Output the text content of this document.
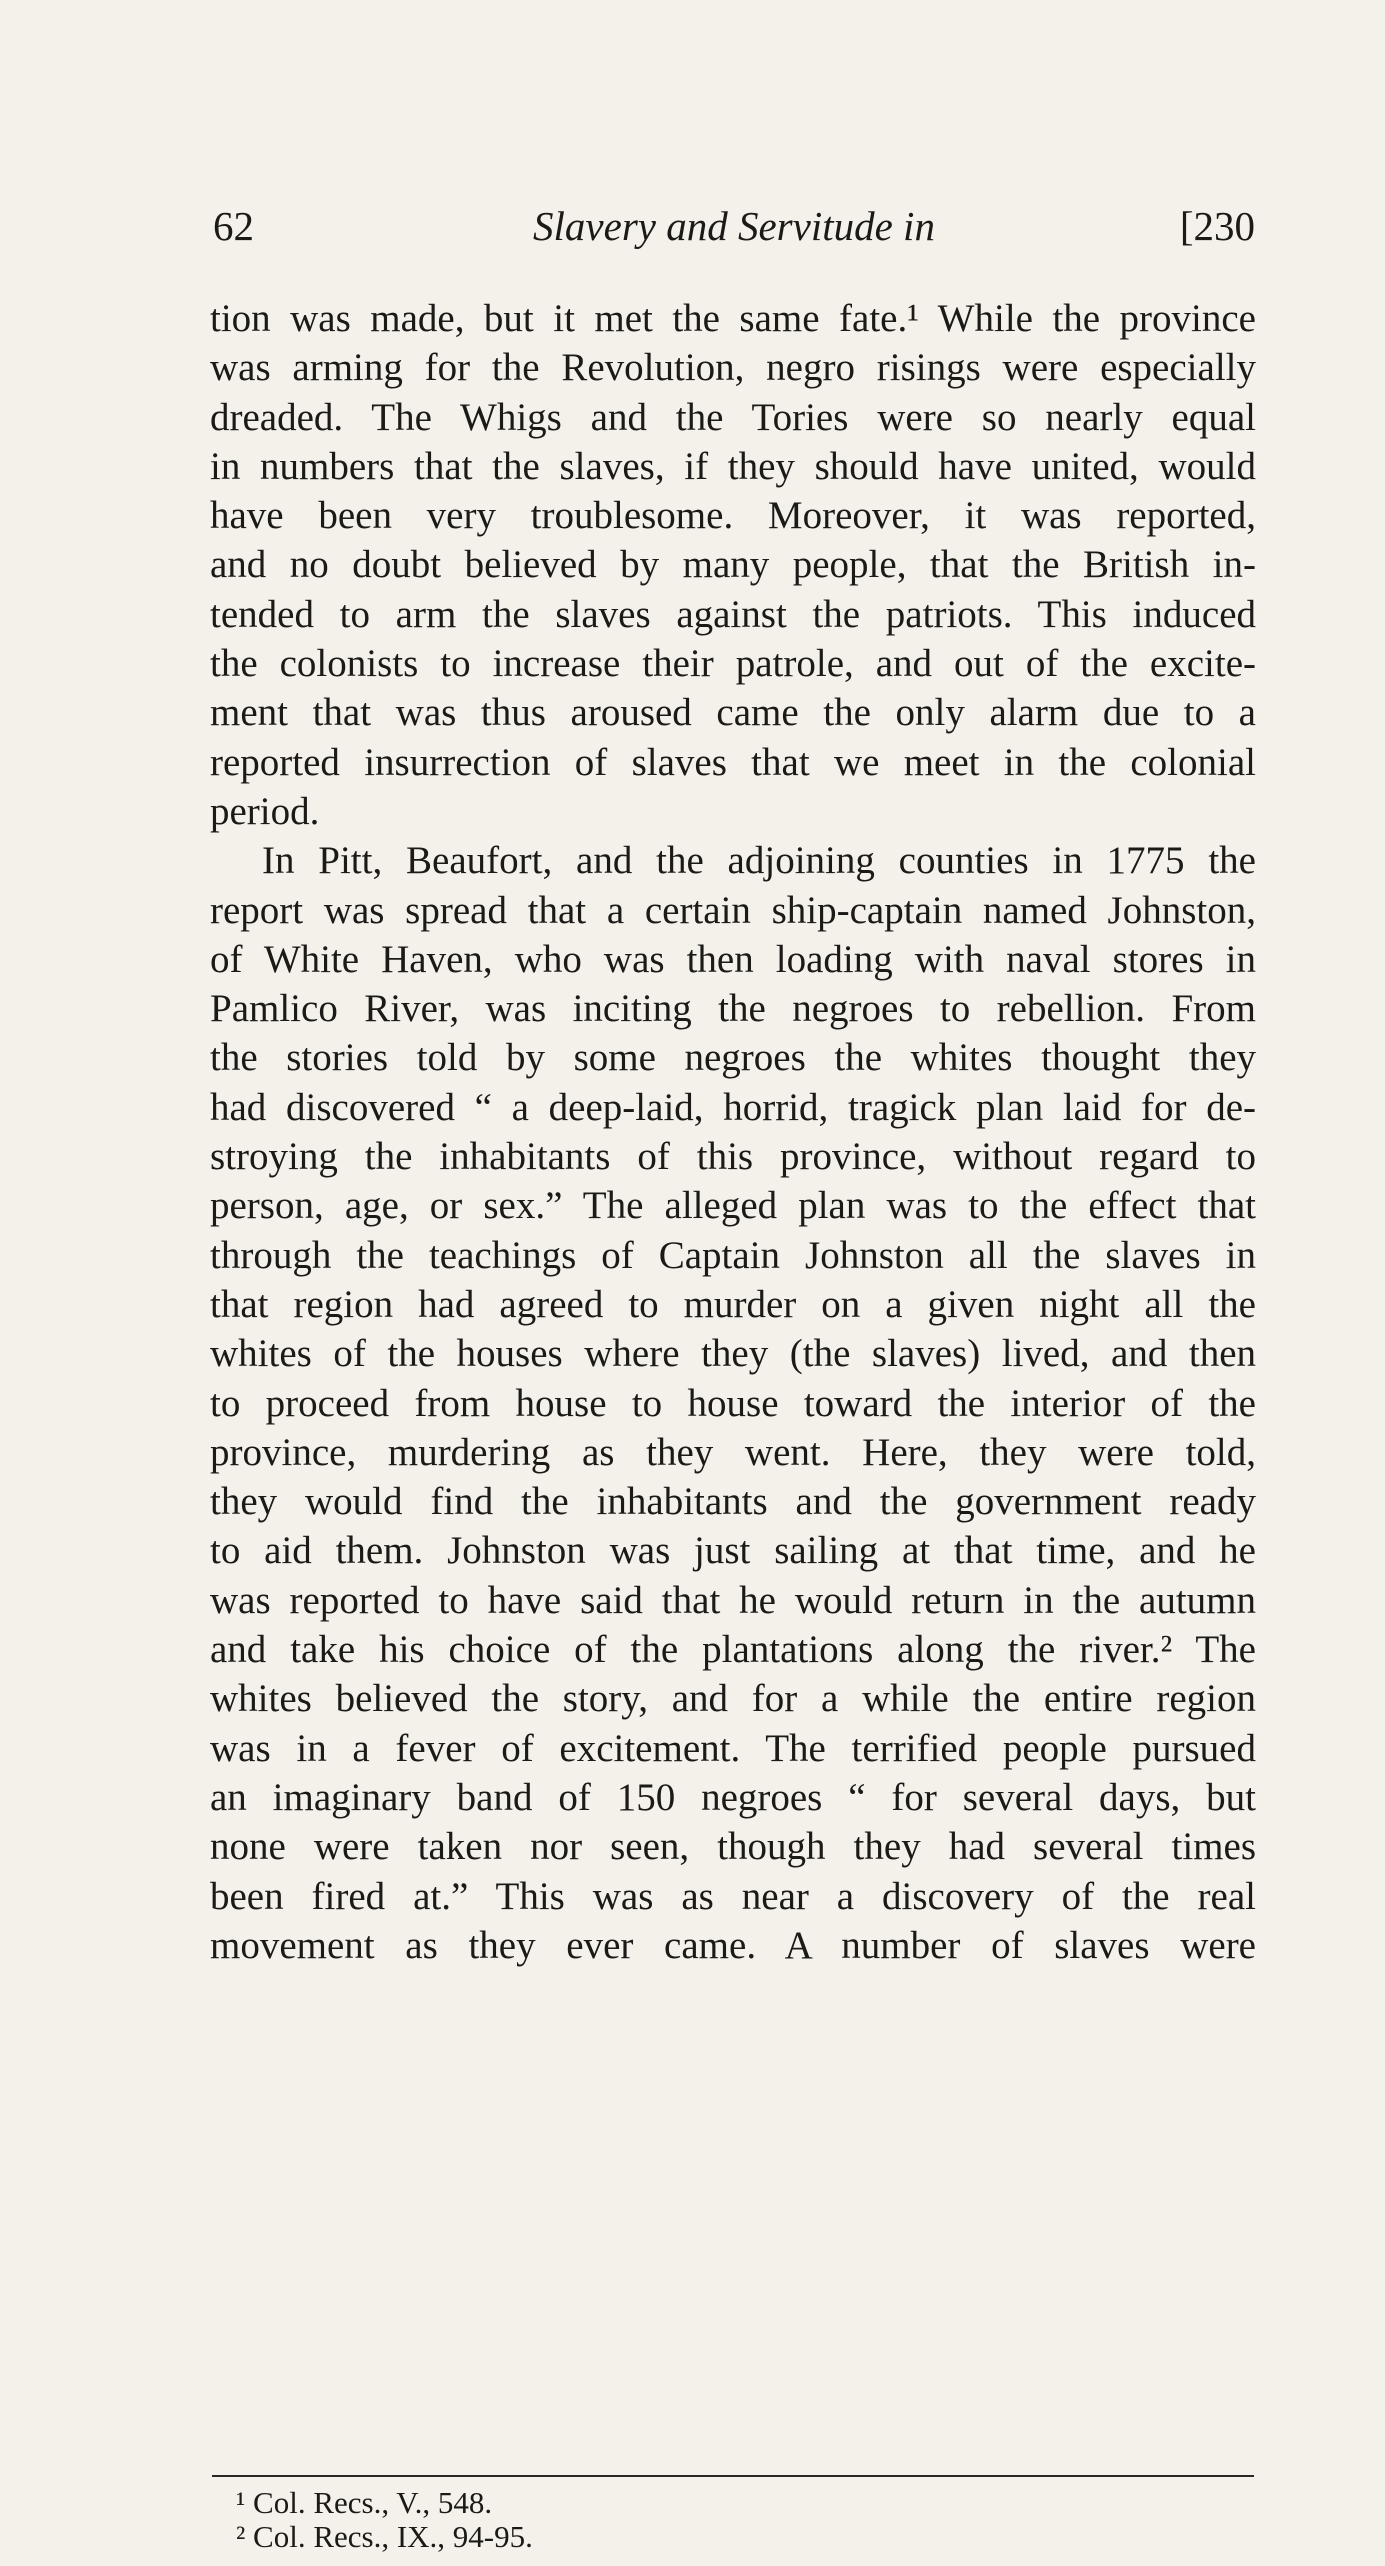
62	Slavery and Servitude in	[230
tion was made, but it met the same fate.¹ While the province
was arming for the Revolution, negro risings were especially
dreaded. The Whigs and the Tories were so nearly equal
in numbers that the slaves, if they should have united, would
have been very troublesome. Moreover, it was reported,
and no doubt believed by many people, that the British in-
tended to arm the slaves against the patriots. This induced
the colonists to increase their patrole, and out of the excite-
ment that was thus aroused came the only alarm due to a
reported insurrection of slaves that we meet in the colonial
period.
In Pitt, Beaufort, and the adjoining counties in 1775 the
report was spread that a certain ship-captain named Johnston,
of White Haven, who was then loading with naval stores in
Pamlico River, was inciting the negroes to rebellion. From
the stories told by some negroes the whites thought they
had discovered “ a deep-laid, horrid, tragick plan laid for de-
stroying the inhabitants of this province, without regard to
person, age, or sex.” The alleged plan was to the effect that
through the teachings of Captain Johnston all the slaves in
that region had agreed to murder on a given night all the
whites of the houses where they (the slaves) lived, and then
to proceed from house to house toward the interior of the
province, murdering as they went. Here, they were told,
they would find the inhabitants and the government ready
to aid them. Johnston was just sailing at that time, and he
was reported to have said that he would return in the autumn
and take his choice of the plantations along the river.² The
whites believed the story, and for a while the entire region
was in a fever of excitement. The terrified people pursued
an imaginary band of 150 negroes “ for several days, but
none were taken nor seen, though they had several times
been fired at.” This was as near a discovery of the real
movement as they ever came. A number of slaves were
¹ Col. Recs., V., 548.
² Col. Recs., IX., 94-95.
